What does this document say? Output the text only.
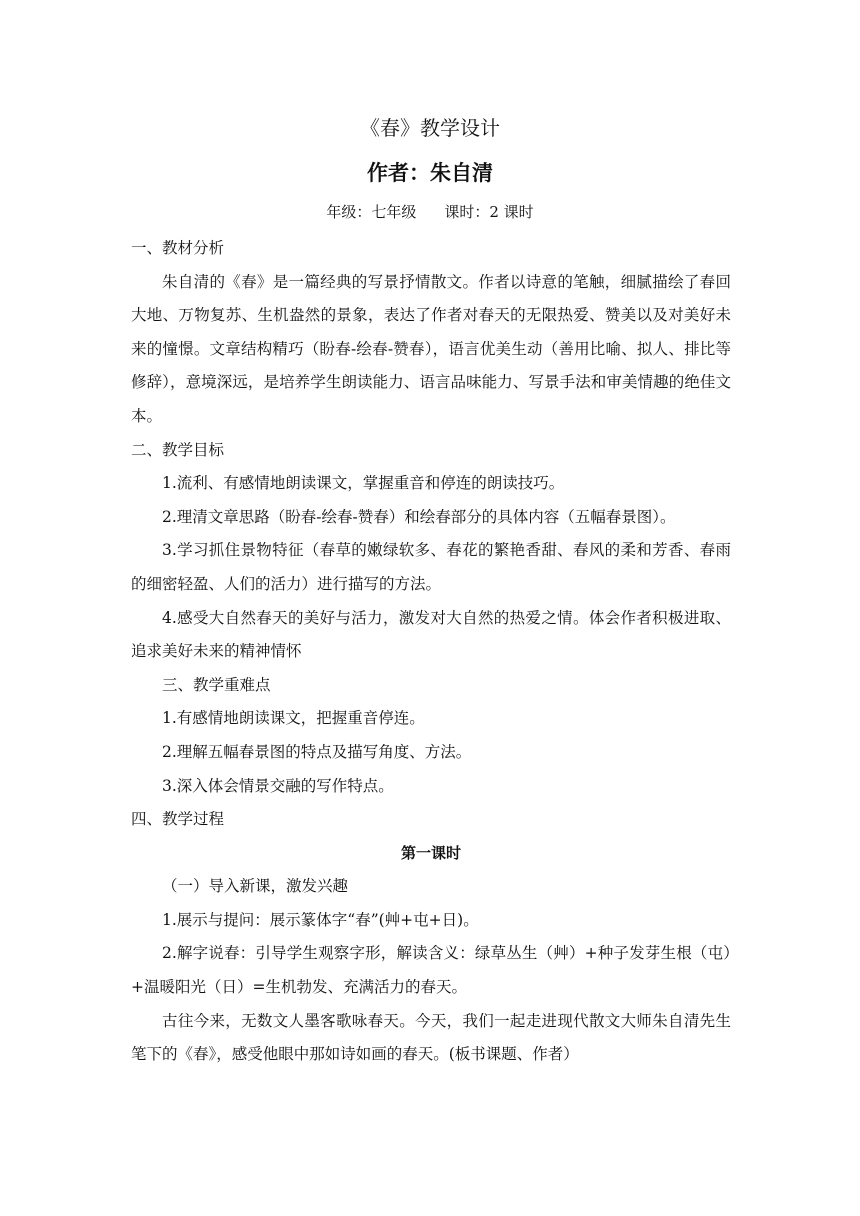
《春》教学设计
作者：朱自清
年级：七年级 课时：2 课时

一、教材分析

朱自清的《春》是一篇经典的写景抒情散文。作者以诗意的笔触，细腻描绘了春回大地、万物复苏、生机盎然的景象，表达了作者对春天的无限热爱、赞美以及对美好未来的憧憬。文章结构精巧（盼春-绘春-赞春），语言优美生动（善用比喻、拟人、排比等修辞），意境深远，是培养学生朗读能力、语言品味能力、写景手法和审美情趣的绝佳文本。

二、教学目标

1.流利、有感情地朗读课文，掌握重音和停连的朗读技巧。

2.理清文章思路（盼春-绘春-赞春）和绘春部分的具体内容（五幅春景图）。

3.学习抓住景物特征（春草的嫩绿软多、春花的繁艳香甜、春风的柔和芳香、春雨的细密轻盈、人们的活力）进行描写的方法。

4.感受大自然春天的美好与活力，激发对大自然的热爱之情。体会作者积极进取、追求美好未来的精神情怀

三、教学重难点

1.有感情地朗读课文，把握重音停连。

2.理解五幅春景图的特点及描写角度、方法。

3.深入体会情景交融的写作特点。

四、教学过程

第一课时

（一）导入新课，激发兴趣

1.展示与提问：展示篆体字“春”(艸+屯+日)。

2.解字说春：引导学生观察字形，解读含义：绿草丛生（艸）+种子发芽生根（屯）+温暖阳光（日）=生机勃发、充满活力的春天。

古往今来，无数文人墨客歌咏春天。今天，我们一起走进现代散文大师朱自清先生笔下的《春》，感受他眼中那如诗如画的春天。(板书课题、作者）
